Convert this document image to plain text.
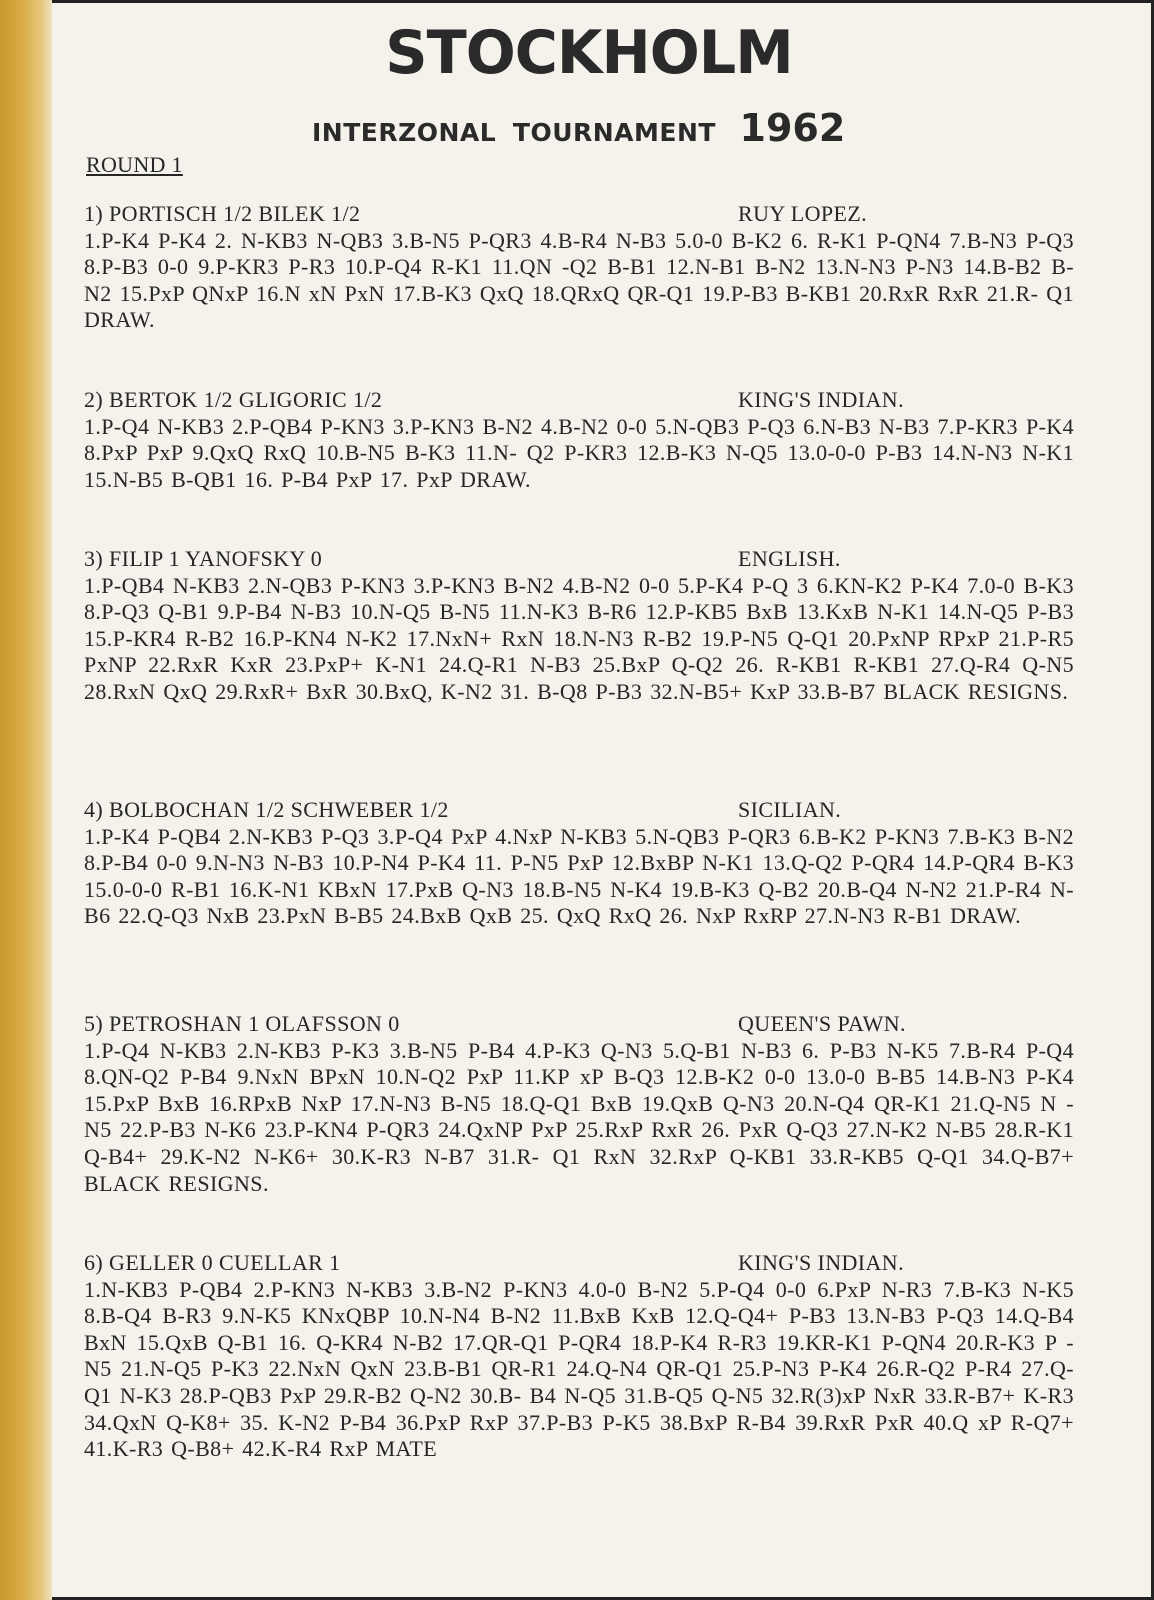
STOCKHOLM
INTERZONAL TOURNAMENT 1962
ROUND 1
1) PORTISCH 1/2 BILEK 1/2	RUY LOPEZ.
1.P-K4 P-K4 2. N-KB3 N-QB3 3.B-N5 P-QR3 4.B-R4 N-B3 5.0-0 B-K2 6. R-K1 P-QN4 7.B-N3 P-Q3 8.P-B3 0-0 9.P-KR3 P-R3 10.P-Q4 R-K1 11.QN -Q2 B-B1 12.N-B1 B-N2 13.N-N3 P-N3 14.B-B2 B-N2 15.PxP QNxP 16.N xN PxN 17.B-K3 QxQ 18.QRxQ QR-Q1 19.P-B3 B-KB1 20.RxR RxR 21.R- Q1 DRAW.
2) BERTOK 1/2 GLIGORIC 1/2	KING'S INDIAN.
1.P-Q4 N-KB3 2.P-QB4 P-KN3 3.P-KN3 B-N2 4.B-N2 0-0 5.N-QB3 P-Q3 6.N-B3 N-B3 7.P-KR3 P-K4 8.PxP PxP 9.QxQ RxQ 10.B-N5 B-K3 11.N- Q2 P-KR3 12.B-K3 N-Q5 13.0-0-0 P-B3 14.N-N3 N-K1 15.N-B5 B-QB1 16. P-B4 PxP 17. PxP DRAW.
3) FILIP 1 YANOFSKY 0	ENGLISH.
1.P-QB4 N-KB3 2.N-QB3 P-KN3 3.P-KN3 B-N2 4.B-N2 0-0 5.P-K4 P-Q 3 6.KN-K2 P-K4 7.0-0 B-K3 8.P-Q3 Q-B1 9.P-B4 N-B3 10.N-Q5 B-N5 11.N-K3 B-R6 12.P-KB5 BxB 13.KxB N-K1 14.N-Q5 P-B3 15.P-KR4 R-B2 16.P-KN4 N-K2 17.NxN+ RxN 18.N-N3 R-B2 19.P-N5 Q-Q1 20.PxNP RPxP 21.P-R5 PxNP 22.RxR KxR 23.PxP+ K-N1 24.Q-R1 N-B3 25.BxP Q-Q2 26. R-KB1 R-KB1 27.Q-R4 Q-N5 28.RxN QxQ 29.RxR+ BxR 30.BxQ, K-N2 31. B-Q8 P-B3 32.N-B5+ KxP 33.B-B7 BLACK RESIGNS.
4) BOLBOCHAN 1/2 SCHWEBER 1/2	SICILIAN.
1.P-K4 P-QB4 2.N-KB3 P-Q3 3.P-Q4 PxP 4.NxP N-KB3 5.N-QB3 P-QR3 6.B-K2 P-KN3 7.B-K3 B-N2 8.P-B4 0-0 9.N-N3 N-B3 10.P-N4 P-K4 11. P-N5 PxP 12.BxBP N-K1 13.Q-Q2 P-QR4 14.P-QR4 B-K3 15.0-0-0 R-B1 16.K-N1 KBxN 17.PxB Q-N3 18.B-N5 N-K4 19.B-K3 Q-B2 20.B-Q4 N-N2 21.P-R4 N-B6 22.Q-Q3 NxB 23.PxN B-B5 24.BxB QxB 25. QxQ RxQ 26. NxP RxRP 27.N-N3 R-B1 DRAW.
5) PETROSHAN 1 OLAFSSON 0	QUEEN'S PAWN.
1.P-Q4 N-KB3 2.N-KB3 P-K3 3.B-N5 P-B4 4.P-K3 Q-N3 5.Q-B1 N-B3 6. P-B3 N-K5 7.B-R4 P-Q4 8.QN-Q2 P-B4 9.NxN BPxN 10.N-Q2 PxP 11.KP xP B-Q3 12.B-K2 0-0 13.0-0 B-B5 14.B-N3 P-K4 15.PxP BxB 16.RPxB NxP 17.N-N3 B-N5 18.Q-Q1 BxB 19.QxB Q-N3 20.N-Q4 QR-K1 21.Q-N5 N -N5 22.P-B3 N-K6 23.P-KN4 P-QR3 24.QxNP PxP 25.RxP RxR 26. PxR Q-Q3 27.N-K2 N-B5 28.R-K1 Q-B4+ 29.K-N2 N-K6+ 30.K-R3 N-B7 31.R- Q1 RxN 32.RxP Q-KB1 33.R-KB5 Q-Q1 34.Q-B7+ BLACK RESIGNS.
6) GELLER 0 CUELLAR 1	KING'S INDIAN.
1.N-KB3 P-QB4 2.P-KN3 N-KB3 3.B-N2 P-KN3 4.0-0 B-N2 5.P-Q4 0-0 6.PxP N-R3 7.B-K3 N-K5 8.B-Q4 B-R3 9.N-K5 KNxQBP 10.N-N4 B-N2 11.BxB KxB 12.Q-Q4+ P-B3 13.N-B3 P-Q3 14.Q-B4 BxN 15.QxB Q-B1 16. Q-KR4 N-B2 17.QR-Q1 P-QR4 18.P-K4 R-R3 19.KR-K1 P-QN4 20.R-K3 P -N5 21.N-Q5 P-K3 22.NxN QxN 23.B-B1 QR-R1 24.Q-N4 QR-Q1 25.P-N3 P-K4 26.R-Q2 P-R4 27.Q-Q1 N-K3 28.P-QB3 PxP 29.R-B2 Q-N2 30.B- B4 N-Q5 31.B-Q5 Q-N5 32.R(3)xP NxR 33.R-B7+ K-R3 34.QxN Q-K8+ 35. K-N2 P-B4 36.PxP RxP 37.P-B3 P-K5 38.BxP R-B4 39.RxR PxR 40.Q xP R-Q7+ 41.K-R3 Q-B8+ 42.K-R4 RxP MATE
